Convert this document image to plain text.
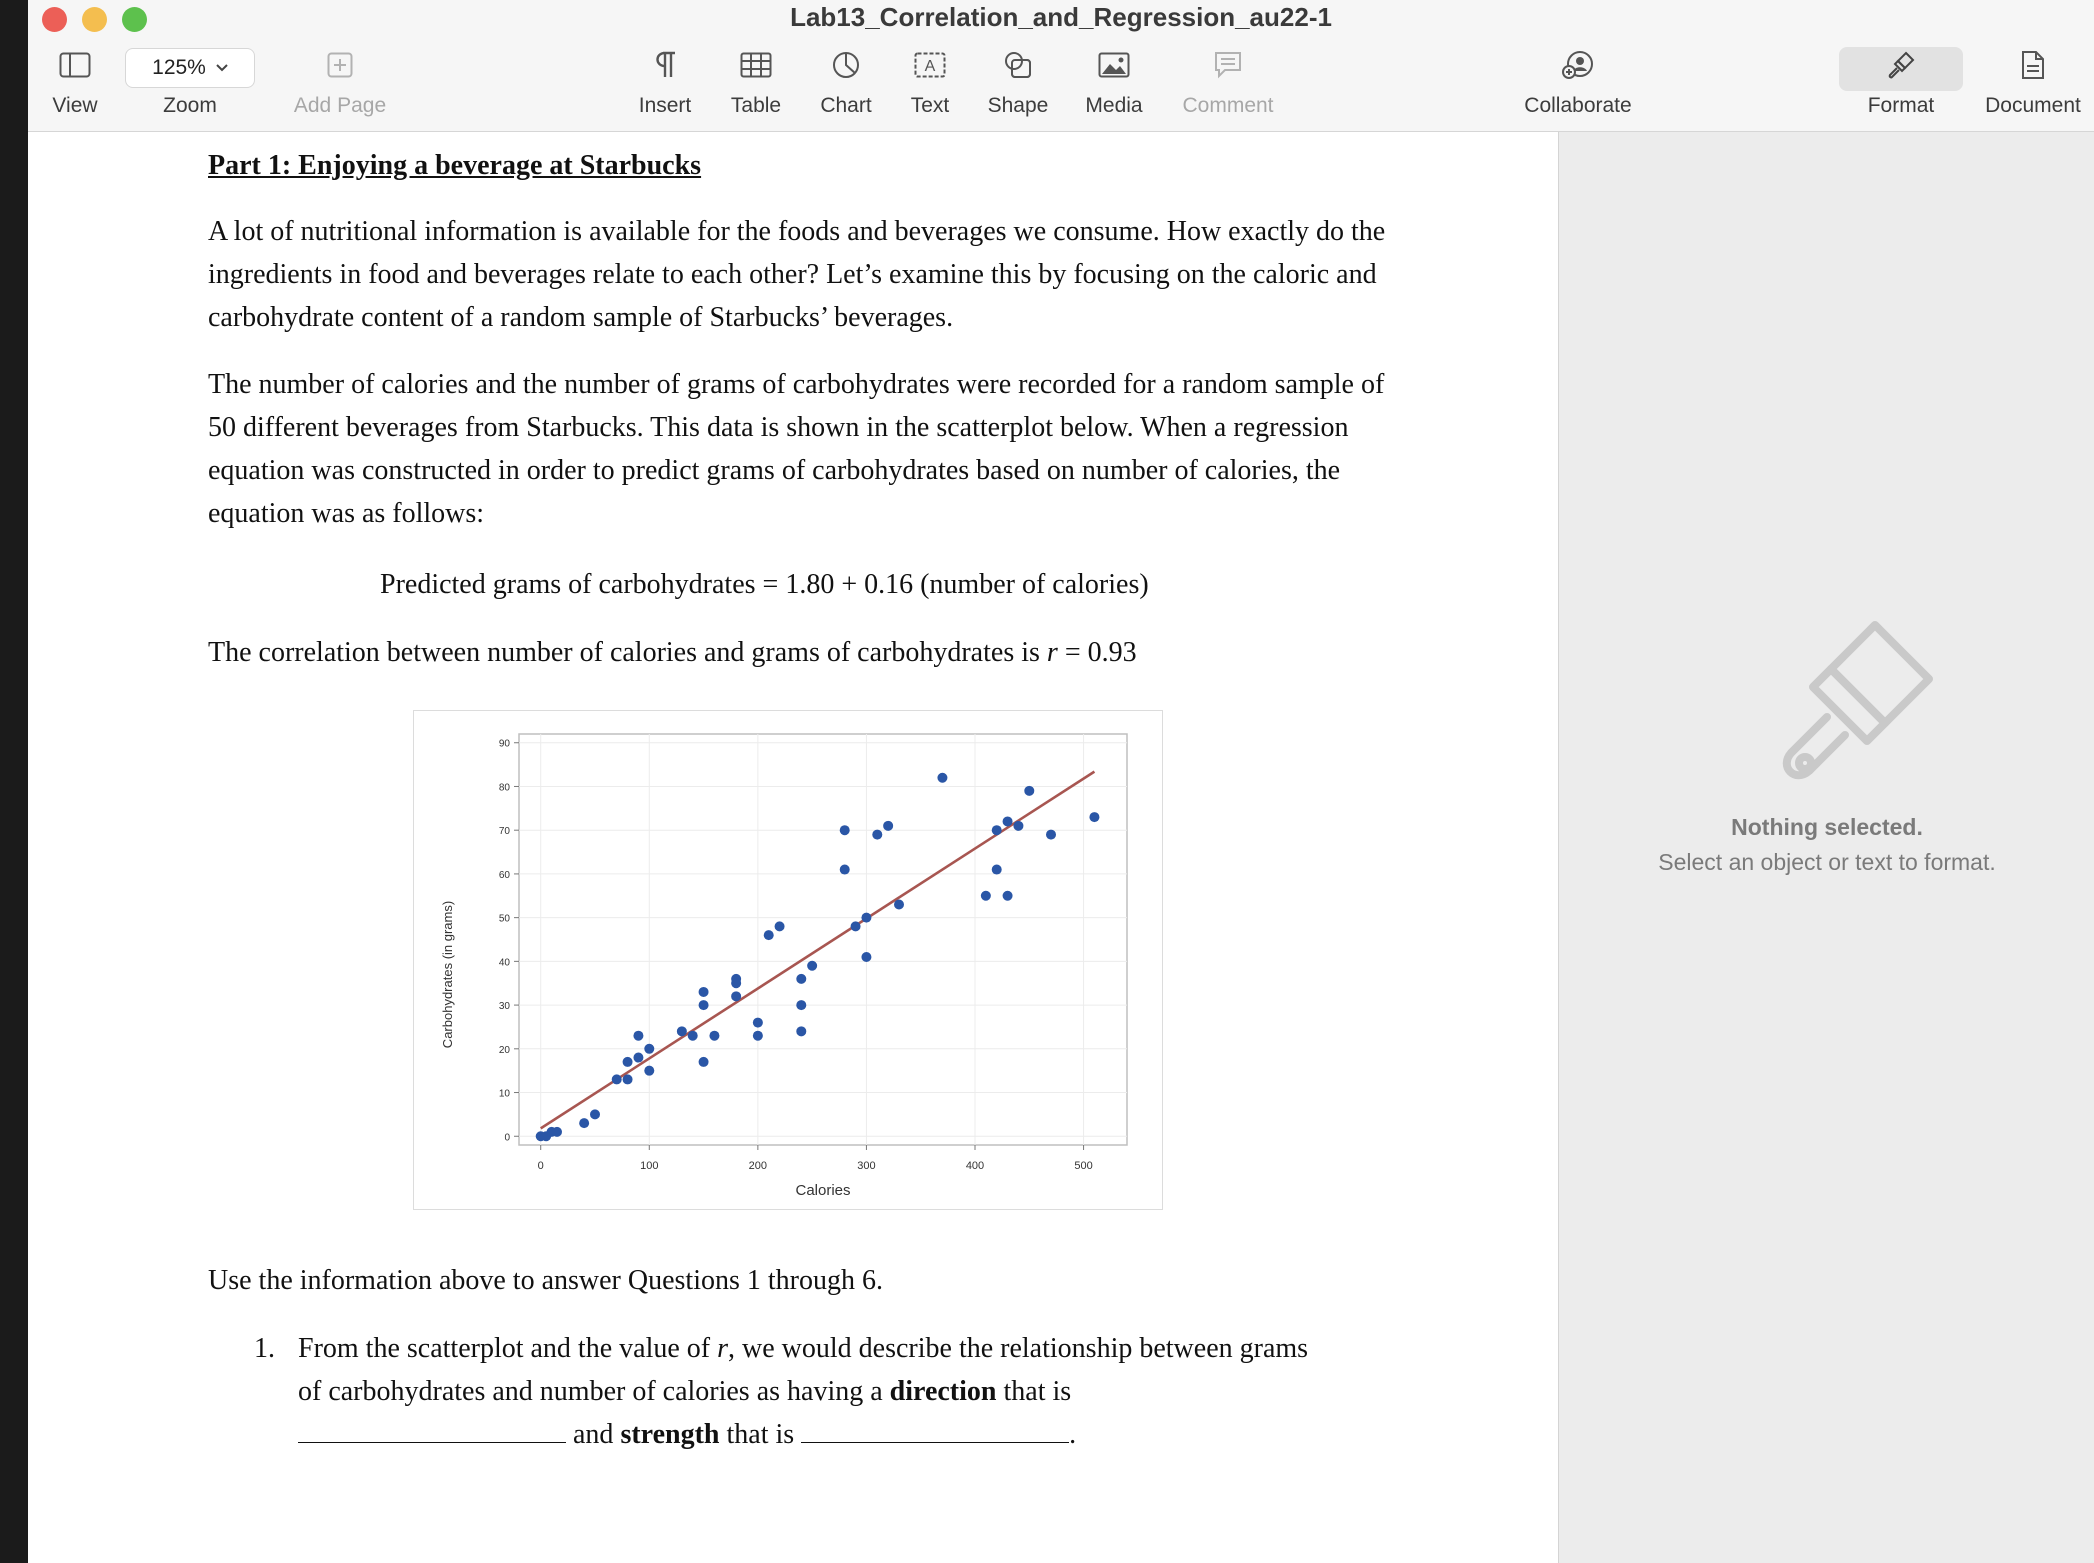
Lab13_Correlation_and_Regression_au22-1
View
125%
Zoom	Add Page	Insert	Table	Chart
A
Text	Shape	Media	Comment	Collaborate	Format	Document

Part 1: Enjoying a beverage at Starbucks

A lot of nutritional information is available for the foods and beverages we consume. How exactly do the ingredients in food and beverages relate to each other? Let’s examine this by focusing on the caloric and carbohydrate content of a random sample of Starbucks’ beverages.

The number of calories and the number of grams of carbohydrates were recorded for a random sample of 50 different beverages from Starbucks. This data is shown in the scatterplot below. When a regression equation was constructed in order to predict grams of carbohydrates based on number of calories, the equation was as follows:

Predicted grams of carbohydrates = 1.80 + 0.16 (number of calories)

The correlation between number of calories and grams of carbohydrates is r = 0.93

0	100	200	300	400	500
0
10
20
30
40
50
60
70
80
90
Calories
Carbohydrates (in grams)

Use the information above to answer Questions 1 through 6.

1. From the scatterplot and the value of r, we would describe the relationship between grams
of carbohydrates and number of calories as having a direction that is
and strength that is	.

Nothing selected.
Select an object or text to format.
